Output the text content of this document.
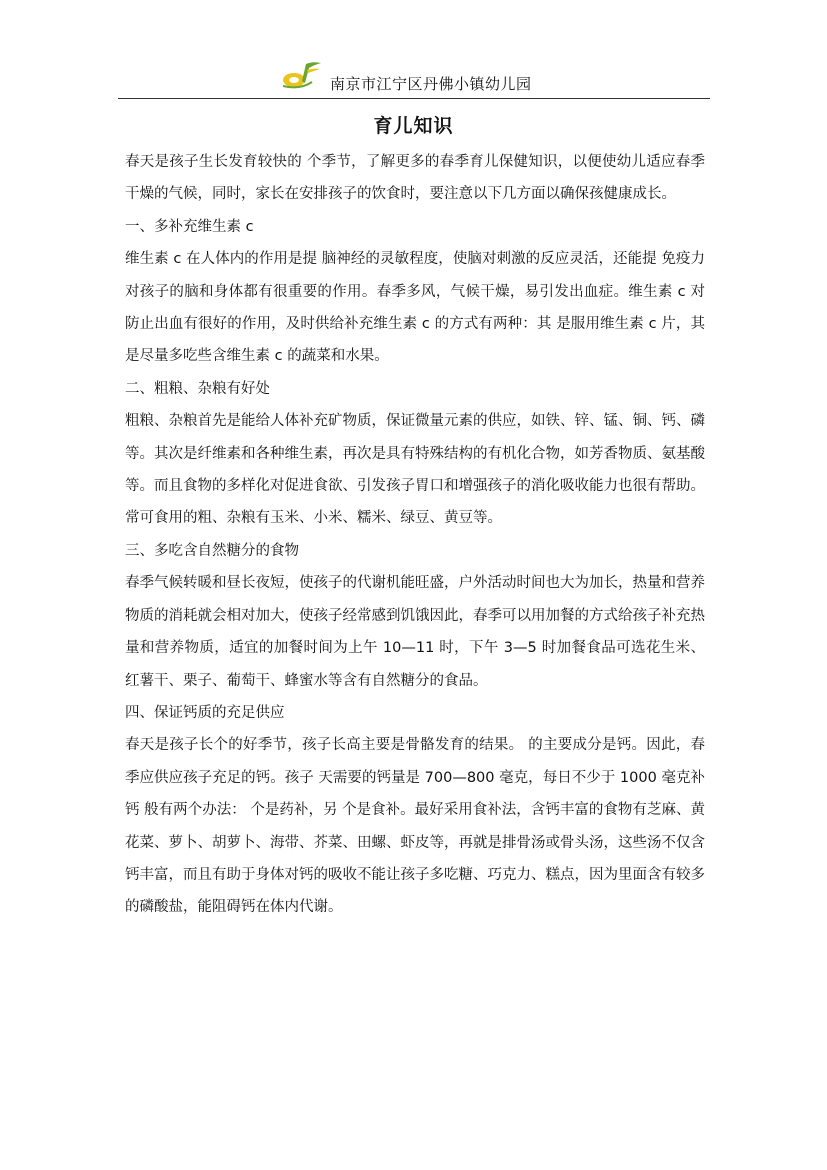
南京市江宁区丹佛小镇幼儿园
育儿知识

春天是孩子生长发育较快的 个季节，了解更多的春季育儿保健知识，以便使幼儿适应春季干燥的气候，同时，家长在安排孩子的饮食时，要注意以下几方面以确保孩健康成长。

一、多补充维生素 c

维生素 c 在人体内的作用是提 脑神经的灵敏程度，使脑对刺激的反应灵活，还能提 免疫力对孩子的脑和身体都有很重要的作用。春季多风，气候干燥，易引发出血症。维生素 c 对防止出血有很好的作用，及时供给补充维生素 c 的方式有两种：其 是服用维生素 c 片，其 是尽量多吃些含维生素 c 的蔬菜和水果。

二、粗粮、杂粮有好处

粗粮、杂粮首先是能给人体补充矿物质，保证微量元素的供应，如铁、锌、锰、铜、钙、磷等。其次是纤维素和各种维生素，再次是具有特殊结构的有机化合物，如芳香物质、氨基酸等。而且食物的多样化对促进食欲、引发孩子胃口和增强孩子的消化吸收能力也很有帮助。常可食用的粗、杂粮有玉米、小米、糯米、绿豆、黄豆等。

三、多吃含自然糖分的食物

春季气候转暖和昼长夜短，使孩子的代谢机能旺盛，户外活动时间也大为加长，热量和营养物质的消耗就会相对加大，使孩子经常感到饥饿因此，春季可以用加餐的方式给孩子补充热量和营养物质，适宜的加餐时间为上午 10—11 时，下午 3—5 时加餐食品可选花生米、红薯干、栗子、葡萄干、蜂蜜水等含有自然糖分的食品。

四、保证钙质的充足供应

春天是孩子长个的好季节，孩子长高主要是骨骼发育的结果。 的主要成分是钙。因此，春季应供应孩子充足的钙。孩子 天需要的钙量是 700—800 毫克，每日不少于 1000 毫克补钙 般有两个办法： 个是药补，另 个是食补。最好采用食补法，含钙丰富的食物有芝麻、黄花菜、萝卜、胡萝卜、海带、芥菜、田螺、虾皮等，再就是排骨汤或骨头汤，这些汤不仅含钙丰富，而且有助于身体对钙的吸收不能让孩子多吃糖、巧克力、糕点，因为里面含有较多的磷酸盐，能阻碍钙在体内代谢。
